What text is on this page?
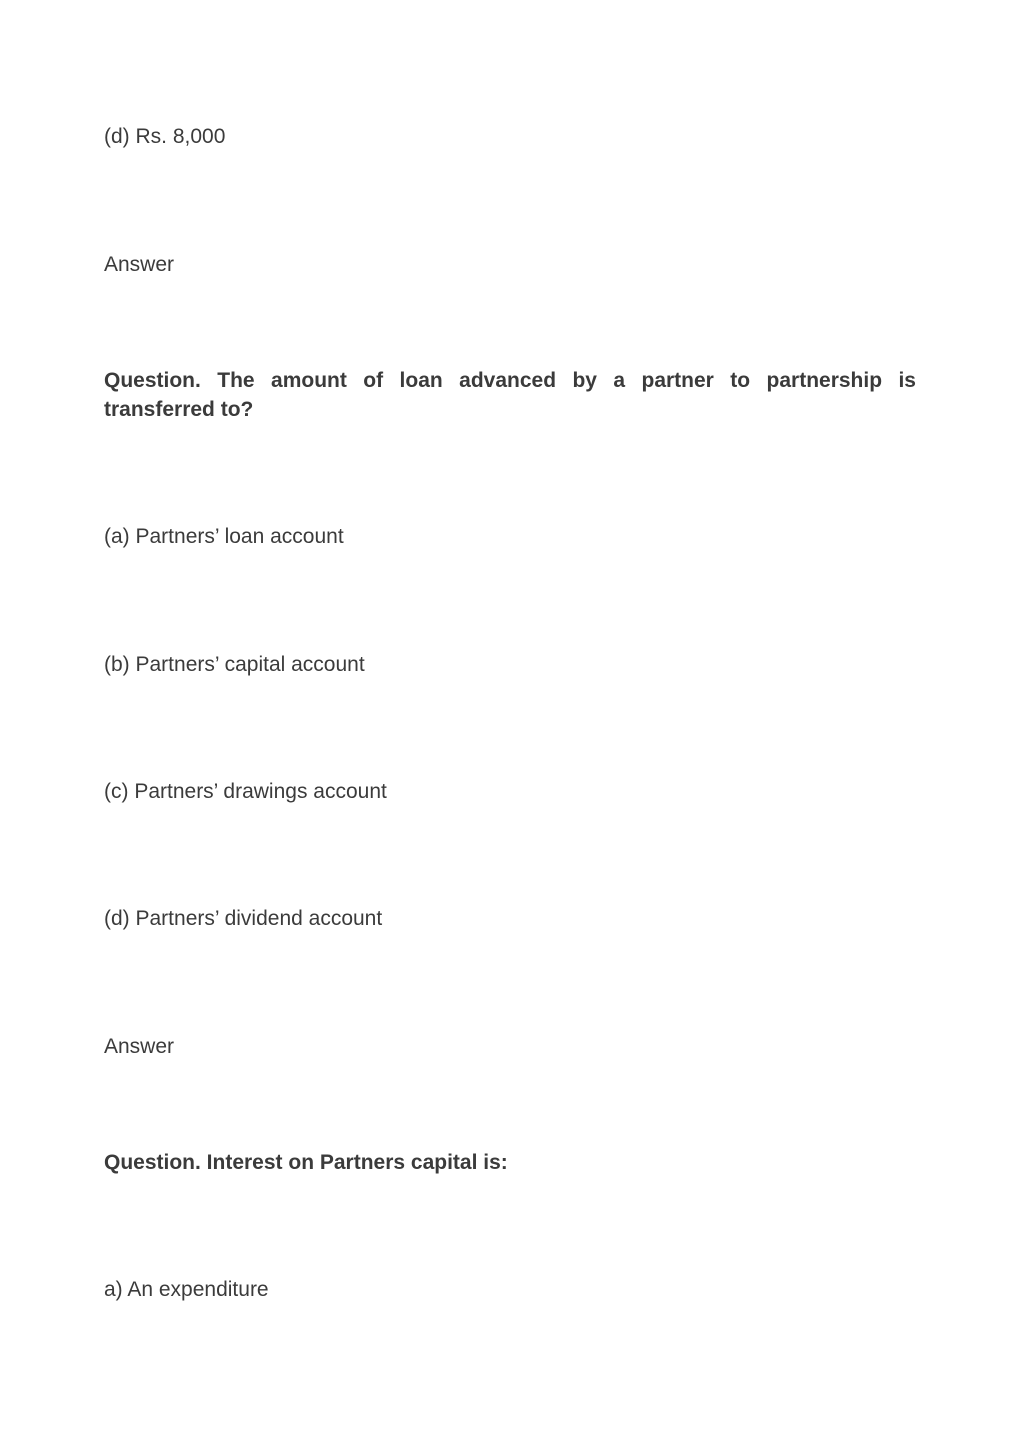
(d) Rs. 8,000
Answer
Question. The amount of loan advanced by a partner to partnership is transferred to?
(a) Partners’ loan account
(b) Partners’ capital account
(c) Partners’ drawings account
(d) Partners’ dividend account
Answer
Question. Interest on Partners capital is:
a) An expenditure
